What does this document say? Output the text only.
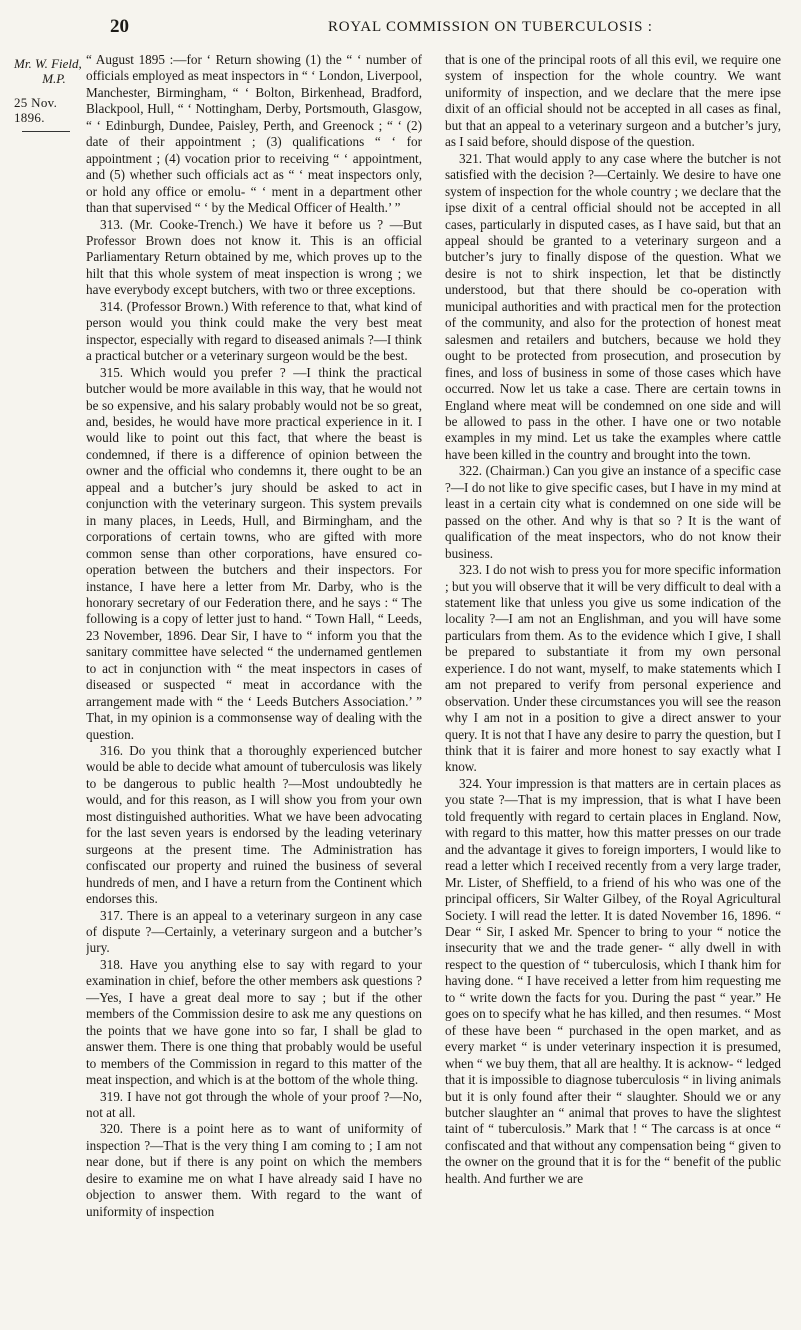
20	ROYAL COMMISSION ON TUBERCULOSIS :
Mr. W. Field,
M.P.
25 Nov. 1896.

“ August 1895 :—for ‘ Return showing (1) the “ ‘ number of officials employed as meat inspectors in “ ‘ London, Liverpool, Manchester, Birmingham, “ ‘ Bolton, Birkenhead, Bradford, Blackpool, Hull, “ ‘ Nottingham, Derby, Portsmouth, Glasgow, “ ‘ Edinburgh, Dundee, Paisley, Perth, and Greenock ; “ ‘ (2) date of their appointment ; (3) qualifications “ ‘ for appointment ; (4) vocation prior to receiving “ ‘ appointment, and (5) whether such officials act as “ ‘ meat inspectors only, or hold any office or emolu- “ ‘ ment in a department other than that supervised “ ‘ by the Medical Officer of Health.’ ”

313. (Mr. Cooke-Trench.) We have it before us ? —But Professor Brown does not know it. This is an official Parliamentary Return obtained by me, which proves up to the hilt that this whole system of meat inspection is wrong ; we have everybody except butchers, with two or three exceptions.

314. (Professor Brown.) With reference to that, what kind of person would you think could make the very best meat inspector, especially with regard to diseased animals ?—I think a practical butcher or a veterinary surgeon would be the best.

315. Which would you prefer ? —I think the practical butcher would be more available in this way, that he would not be so expensive, and his salary probably would not be so great, and, besides, he would have more practical experience in it. I would like to point out this fact, that where the beast is condemned, if there is a difference of opinion between the owner and the official who condemns it, there ought to be an appeal and a butcher’s jury should be asked to act in conjunction with the veterinary surgeon. This system prevails in many places, in Leeds, Hull, and Birmingham, and the corporations of certain towns, who are gifted with more common sense than other corporations, have ensured co-operation between the butchers and their inspectors. For instance, I have here a letter from Mr. Darby, who is the honorary secretary of our Federation there, and he says : “ The following is a copy of letter just to hand. “ Town Hall, “ Leeds, 23 November, 1896. Dear Sir, I have to “ inform you that the sanitary committee have selected “ the undernamed gentlemen to act in conjunction with “ the meat inspectors in cases of diseased or suspected “ meat in accordance with the arrangement made with “ the ‘ Leeds Butchers Association.’ ” That, in my opinion is a commonsense way of dealing with the question.

316. Do you think that a thoroughly experienced butcher would be able to decide what amount of tuberculosis was likely to be dangerous to public health ?—Most undoubtedly he would, and for this reason, as I will show you from your own most distinguished authorities. What we have been advocating for the last seven years is endorsed by the leading veterinary surgeons at the present time. The Administration has confiscated our property and ruined the business of several hundreds of men, and I have a return from the Continent which endorses this.

317. There is an appeal to a veterinary surgeon in any case of dispute ?—Certainly, a veterinary surgeon and a butcher’s jury.

318. Have you anything else to say with regard to your examination in chief, before the other members ask questions ?—Yes, I have a great deal more to say ; but if the other members of the Commission desire to ask me any questions on the points that we have gone into so far, I shall be glad to answer them. There is one thing that probably would be useful to members of the Commission in regard to this matter of the meat inspection, and which is at the bottom of the whole thing.

319. I have not got through the whole of your proof ?—No, not at all.

320. There is a point here as to want of uniformity of inspection ?—That is the very thing I am coming to ; I am not near done, but if there is any point on which the members desire to examine me on what I have already said I have no objection to answer them. With regard to the want of uniformity of inspection

that is one of the principal roots of all this evil, we require one system of inspection for the whole country. We want uniformity of inspection, and we declare that the mere ipse dixit of an official should not be accepted in all cases as final, but that an appeal to a veterinary surgeon and a butcher’s jury, as I said before, should dispose of the question.

321. That would apply to any case where the butcher is not satisfied with the decision ?—Certainly. We desire to have one system of inspection for the whole country ; we declare that the ipse dixit of a central official should not be accepted in all cases, particularly in disputed cases, as I have said, but that an appeal should be granted to a veterinary surgeon and a butcher’s jury to finally dispose of the question. What we desire is not to shirk inspection, let that be distinctly understood, but that there should be co-operation with municipal authorities and with practical men for the protection of the community, and also for the protection of honest meat salesmen and retailers and butchers, because we hold they ought to be protected from prosecution, and prosecution by fines, and loss of business in some of those cases which have occurred. Now let us take a case. There are certain towns in England where meat will be condemned on one side and will be allowed to pass in the other. I have one or two notable examples in my mind. Let us take the examples where cattle have been killed in the country and brought into the town.

322. (Chairman.) Can you give an instance of a specific case ?—I do not like to give specific cases, but I have in my mind at least in a certain city what is condemned on one side will be passed on the other. And why is that so ? It is the want of qualification of the meat inspectors, who do not know their business.

323. I do not wish to press you for more specific information ; but you will observe that it will be very difficult to deal with a statement like that unless you give us some indication of the locality ?—I am not an Englishman, and you will have some particulars from them. As to the evidence which I give, I shall be prepared to substantiate it from my own personal experience. I do not want, myself, to make statements which I am not prepared to verify from personal experience and observation. Under these circumstances you will see the reason why I am not in a position to give a direct answer to your query. It is not that I have any desire to parry the question, but I think that it is fairer and more honest to say exactly what I know.

324. Your impression is that matters are in certain places as you state ?—That is my impression, that is what I have been told frequently with regard to certain places in England. Now, with regard to this matter, how this matter presses on our trade and the advantage it gives to foreign importers, I would like to read a letter which I received recently from a very large trader, Mr. Lister, of Sheffield, to a friend of his who was one of the principal officers, Sir Walter Gilbey, of the Royal Agricultural Society. I will read the letter. It is dated November 16, 1896. “ Dear “ Sir, I asked Mr. Spencer to bring to your “ notice the insecurity that we and the trade gener- “ ally dwell in with respect to the question of “ tuberculosis, which I thank him for having done. “ I have received a letter from him requesting me to “ write down the facts for you. During the past “ year.” He goes on to specify what he has killed, and then resumes. “ Most of these have been “ purchased in the open market, and as every market “ is under veterinary inspection it is presumed, when “ we buy them, that all are healthy. It is acknow- “ ledged that it is impossible to diagnose tuberculosis “ in living animals but it is only found after their “ slaughter. Should we or any butcher slaughter an “ animal that proves to have the slightest taint of “ tuberculosis.” Mark that ! “ The carcass is at once “ confiscated and that without any compensation being “ given to the owner on the ground that it is for the “ benefit of the public health. And further we are
